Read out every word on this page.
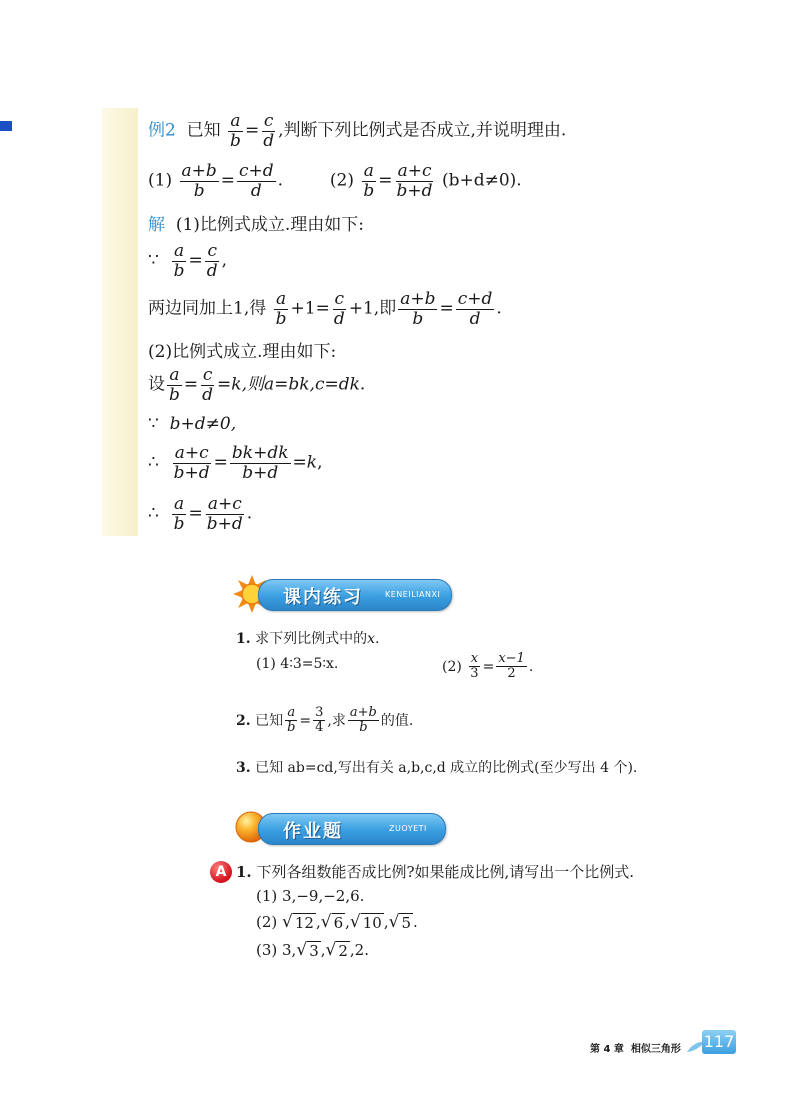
例2 已知 $\frac{a}{b} = \frac{c}{d}$ ,判断下列比例式是否成立,并说明理由.
$(1) \frac{a+b}{b} = \frac{c+d}{d}$ .  $(2) \frac{a}{b} = \frac{a+c}{b+d} (b+d\ne 0)$.
解 (1)比例式成立.理由如下:
∵ $\frac{a}{b} = \frac{c}{d}$ ,
两边同加上1,得 $\frac{a}{b} +1= \frac{c}{d} +1$,即 $\frac{a+b}{b} = \frac{c+d}{d}$ .
(2)比例式成立.理由如下:
设 $\frac{a}{b} = \frac{c}{d} =k$,则a=bk,c=dk.
∵ b+d≠0,
∴ $\frac{a+c}{b+d} = \frac{bk+dk}{b+d} =k$,
∴ $\frac{a}{b} = \frac{a+c}{b+d}$ .
课内练习	KENEILIANXI
1. 求下列比例式中的x.
(1) 4∶3=5∶x.	$(2) \frac{x}{3} = \frac{x-1}{2}$ .
2. 已知 $\frac{a}{b} = \frac{3}{4}$ ,求 $\frac{a+b}{b}$ 的值.
3. 已知 ab=cd,写出有关 a,b,c,d 成立的比例式(至少写出 4 个).
作业题	ZUOYETI
A 1. 下列各组数能否成比例?如果能成比例,请写出一个比例式.
(1) 3,−9,−2,6.
(2) √ 12 , √ 6 , √ 10 , √ 5 .
(3) 3, √ 3 , √ 2 ,2.
第 4 章 相似三角形 117
